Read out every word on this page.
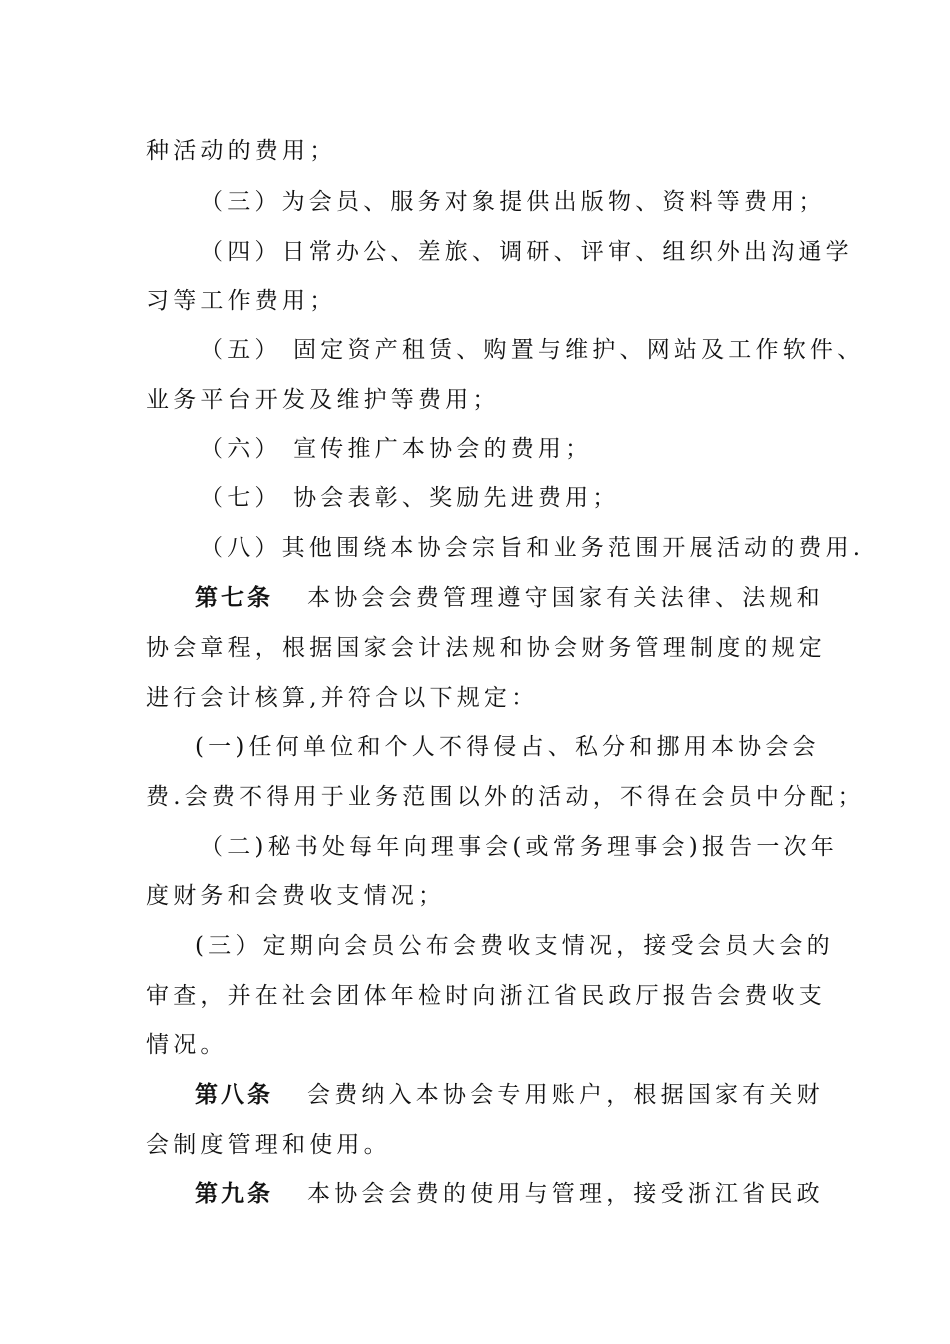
种活动的费用；
（三）为会员、服务对象提供出版物、资料等费用；
（四）日常办公、差旅、调研、评审、组织外出沟通学
习等工作费用；
（五） 固定资产租赁、购置与维护、网站及工作软件、
业务平台开发及维护等费用；
（六） 宣传推广本协会的费用；
（七） 协会表彰、奖励先进费用；
（八）其他围绕本协会宗旨和业务范围开展活动的费用.
第七条 本协会会费管理遵守国家有关法律、法规和
协会章程，根据国家会计法规和协会财务管理制度的规定
进行会计核算,并符合以下规定：
(一)任何单位和个人不得侵占、私分和挪用本协会会
费.会费不得用于业务范围以外的活动，不得在会员中分配；
（二)秘书处每年向理事会(或常务理事会)报告一次年
度财务和会费收支情况；
(三）定期向会员公布会费收支情况，接受会员大会的
审查，并在社会团体年检时向浙江省民政厅报告会费收支
情况。
第八条 会费纳入本协会专用账户，根据国家有关财
会制度管理和使用。
第九条 本协会会费的使用与管理，接受浙江省民政
